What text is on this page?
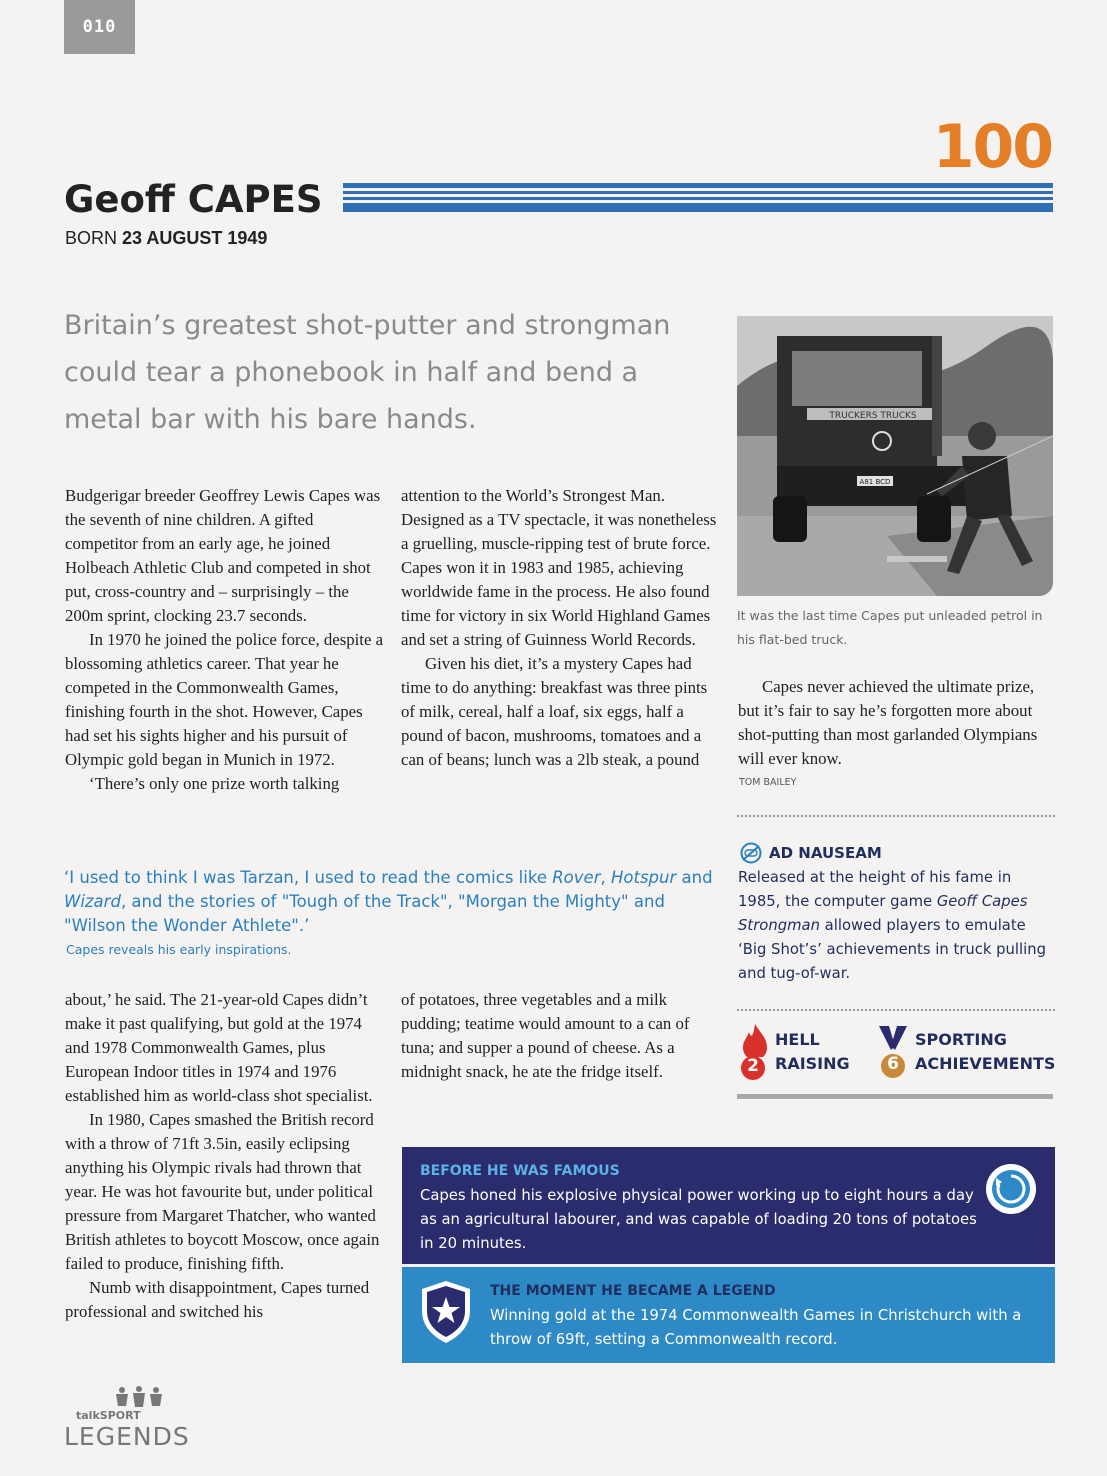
010
100
Geoff CAPES
BORN 23 AUGUST 1949
Britain’s greatest shot-putter and strongman could tear a phonebook in half and bend a metal bar with his bare hands.

Budgerigar breeder Geoffrey Lewis Capes was the seventh of nine children. A gifted competitor from an early age, he joined Holbeach Athletic Club and competed in shot put, cross-country and – surprisingly – the 200m sprint, clocking 23.7 seconds.

In 1970 he joined the police force, despite a blossoming athletics career. That year he competed in the Commonwealth Games, finishing fourth in the shot. However, Capes had set his sights higher and his pursuit of Olympic gold began in Munich in 1972.

‘There’s only one prize worth talking

attention to the World’s Strongest Man. Designed as a TV spectacle, it was nonetheless a gruelling, muscle-ripping test of brute force. Capes won it in 1983 and 1985, achieving worldwide fame in the process. He also found time for victory in six World Highland Games and set a string of Guinness World Records.

Given his diet, it’s a mystery Capes had time to do anything: breakfast was three pints of milk, cereal, half a loaf, six eggs, half a pound of bacon, mushrooms, tomatoes and a can of beans; lunch was a 2lb steak, a pound

‘I used to think I was Tarzan, I used to read the comics like Rover, Hotspur and Wizard, and the stories of "Tough of the Track", "Morgan the Mighty" and "Wilson the Wonder Athlete".’
Capes reveals his early inspirations.

about,’ he said. The 21-year-old Capes didn’t make it past qualifying, but gold at the 1974 and 1978 Commonwealth Games, plus European Indoor titles in 1974 and 1976 established him as world-class shot specialist.

In 1980, Capes smashed the British record with a throw of 71ft 3.5in, easily eclipsing anything his Olympic rivals had thrown that year. He was hot favourite but, under political pressure from Margaret Thatcher, who wanted British athletes to boycott Moscow, once again failed to produce, finishing fifth.

Numb with disappointment, Capes turned professional and switched his

of potatoes, three vegetables and a milk pudding; teatime would amount to a can of tuna; and supper a pound of cheese. As a midnight snack, he ate the fridge itself.

TRUCKERS TRUCKS
A81 BCD
It was the last time Capes put unleaded petrol in his flat-bed truck.

Capes never achieved the ultimate prize, but it’s fair to say he’s forgotten more about shot-putting than most garlanded Olympians will ever know.

TOM BAILEY
AD NAUSEAM
Released at the height of his fame in 1985, the computer game Geoff Capes Strongman allowed players to emulate ‘Big Shot’s’ achievements in truck pulling and tug-of-war.
2
HELL
RAISING	6
SPORTING
ACHIEVEMENTS
BEFORE HE WAS FAMOUS
Capes honed his explosive physical power working up to eight hours a day as an agricultural labourer, and was capable of loading 20 tons of potatoes in 20 minutes.
THE MOMENT HE BECAME A LEGEND
Winning gold at the 1974 Commonwealth Games in Christchurch with a throw of 69ft, setting a Commonwealth record.
talkSPORT
LEGENDS
